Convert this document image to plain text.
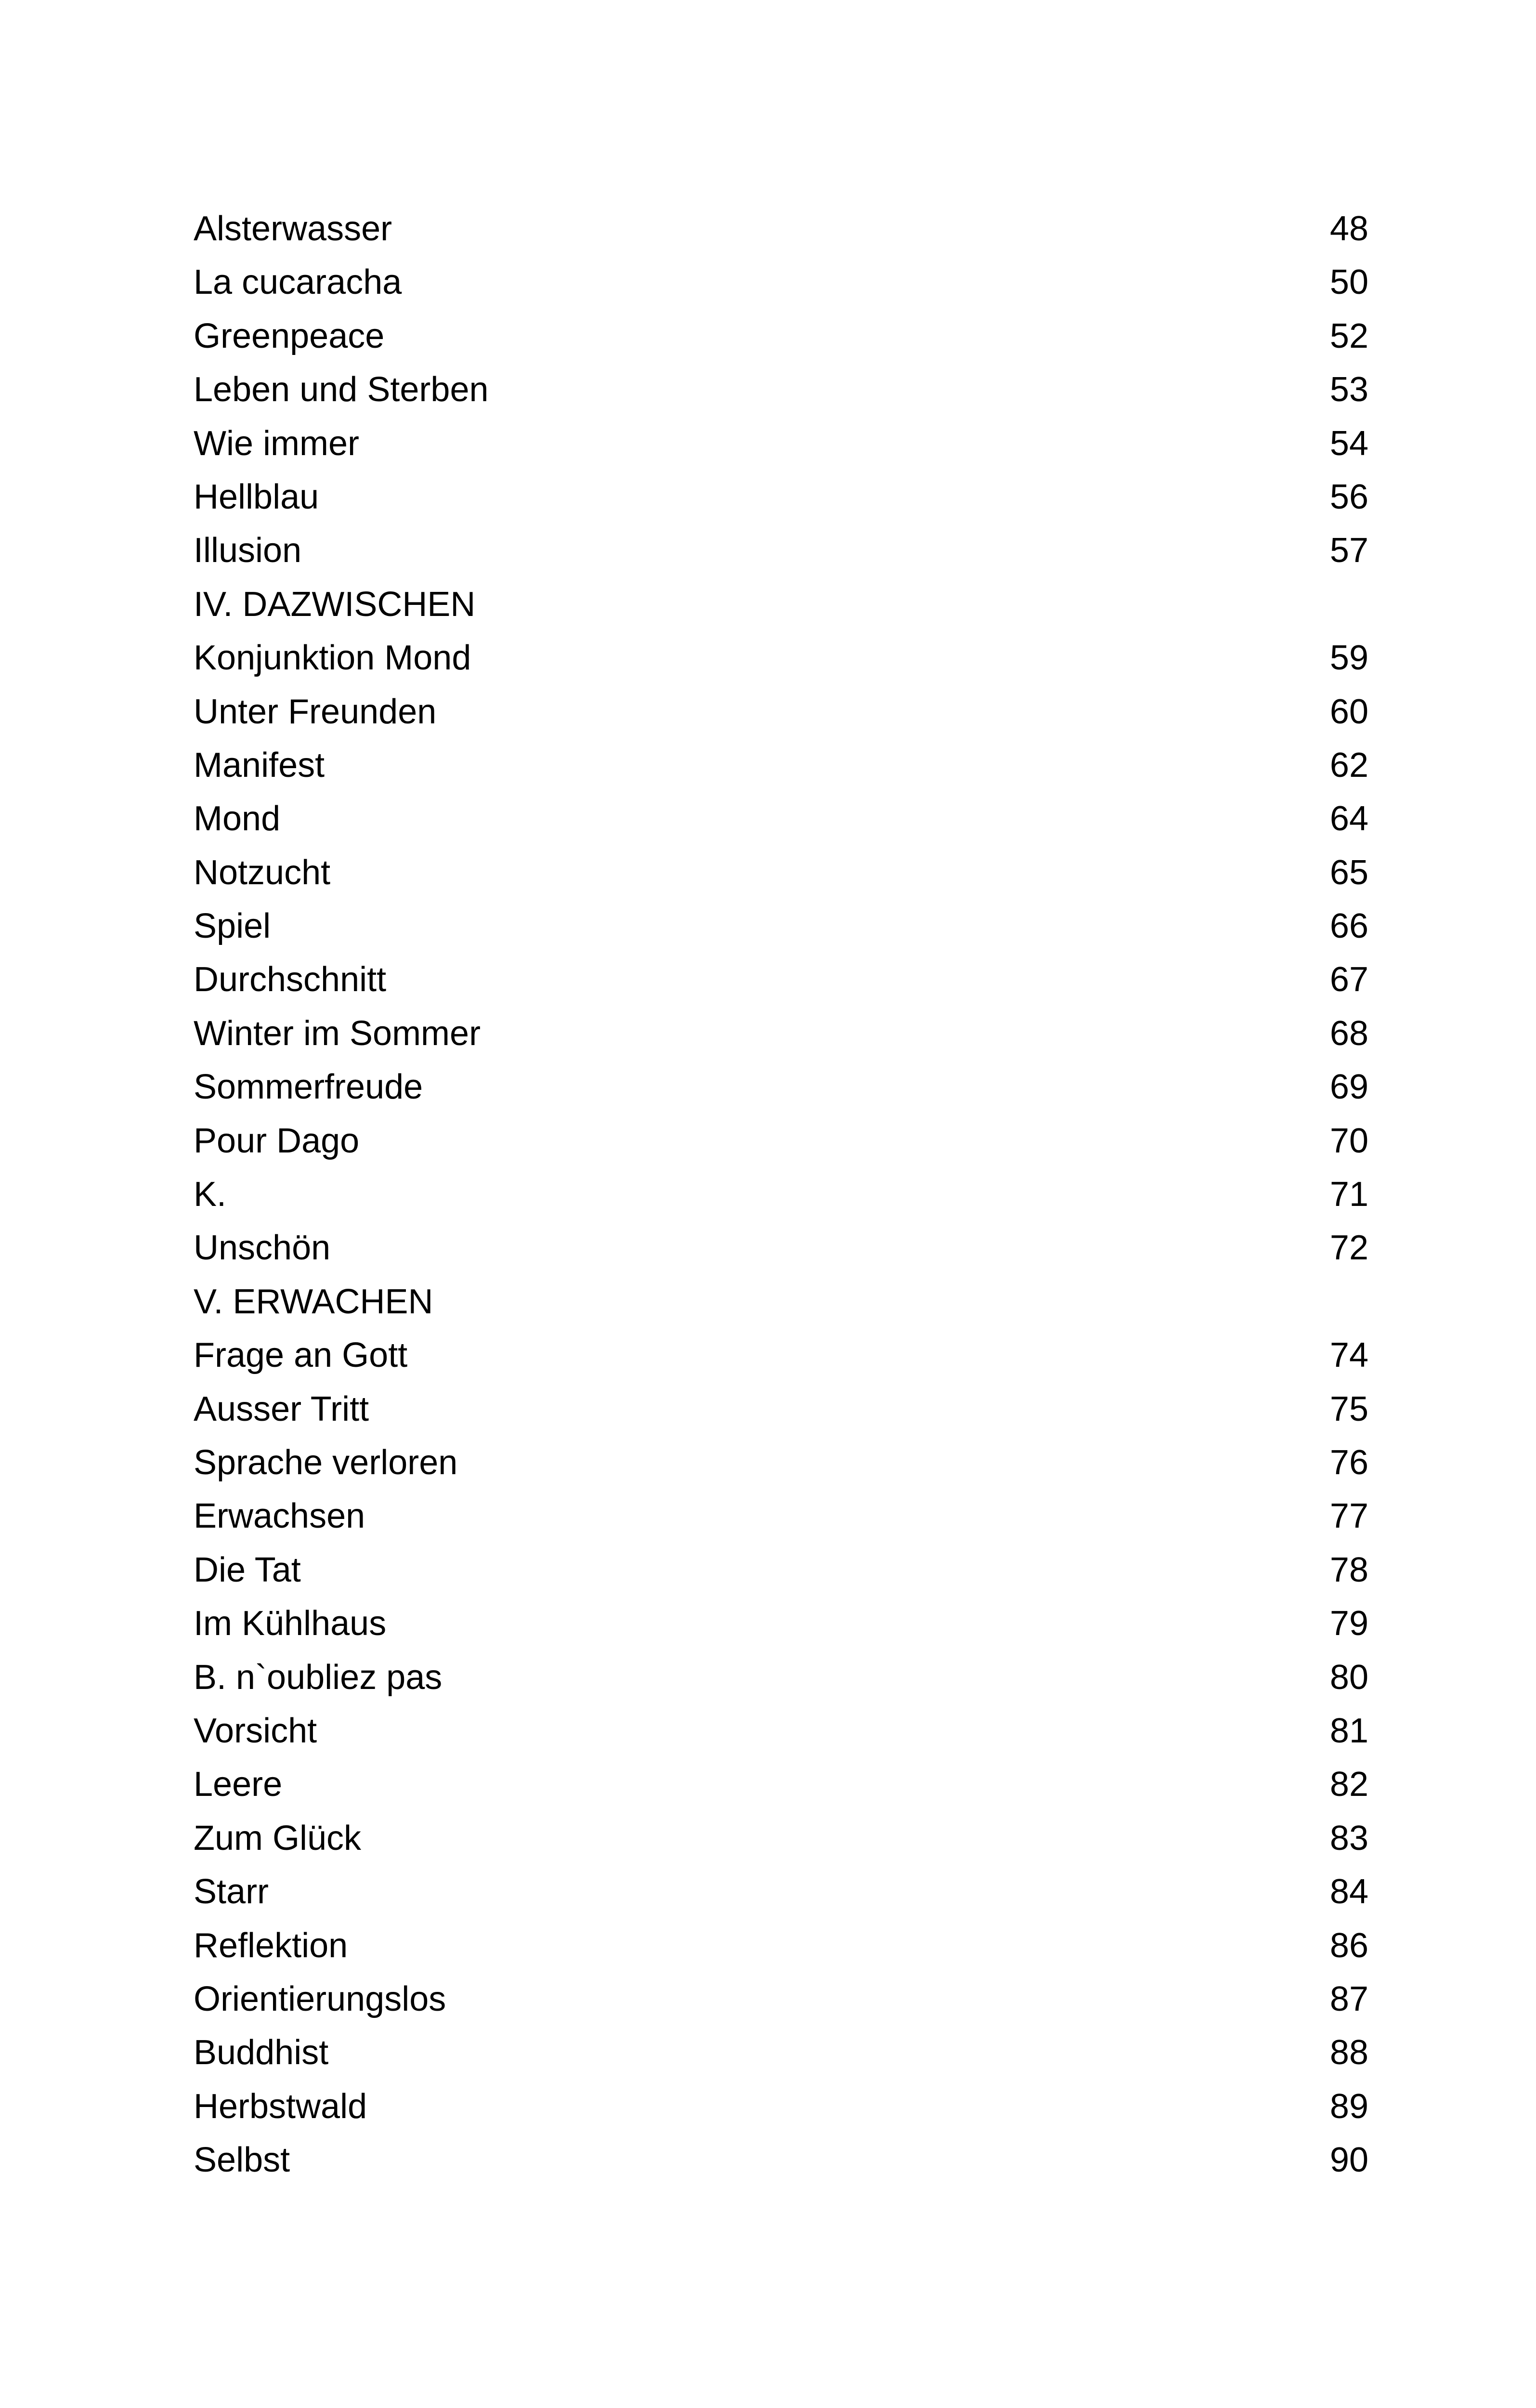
Alsterwasser	48
La cucaracha	50
Greenpeace	52
Leben und Sterben	53
Wie immer	54
Hellblau	56
Illusion	57
IV. DAZWISCHEN
Konjunktion Mond	59
Unter Freunden	60
Manifest	62
Mond	64
Notzucht	65
Spiel	66
Durchschnitt	67
Winter im Sommer	68
Sommerfreude	69
Pour Dago	70
K.	71
Unschön	72
V. ERWACHEN
Frage an Gott	74
Ausser Tritt	75
Sprache verloren	76
Erwachsen	77
Die Tat	78
Im Kühlhaus	79
B. n`oubliez pas	80
Vorsicht	81
Leere	82
Zum Glück	83
Starr	84
Reflektion	86
Orientierungslos	87
Buddhist	88
Herbstwald	89
Selbst	90
